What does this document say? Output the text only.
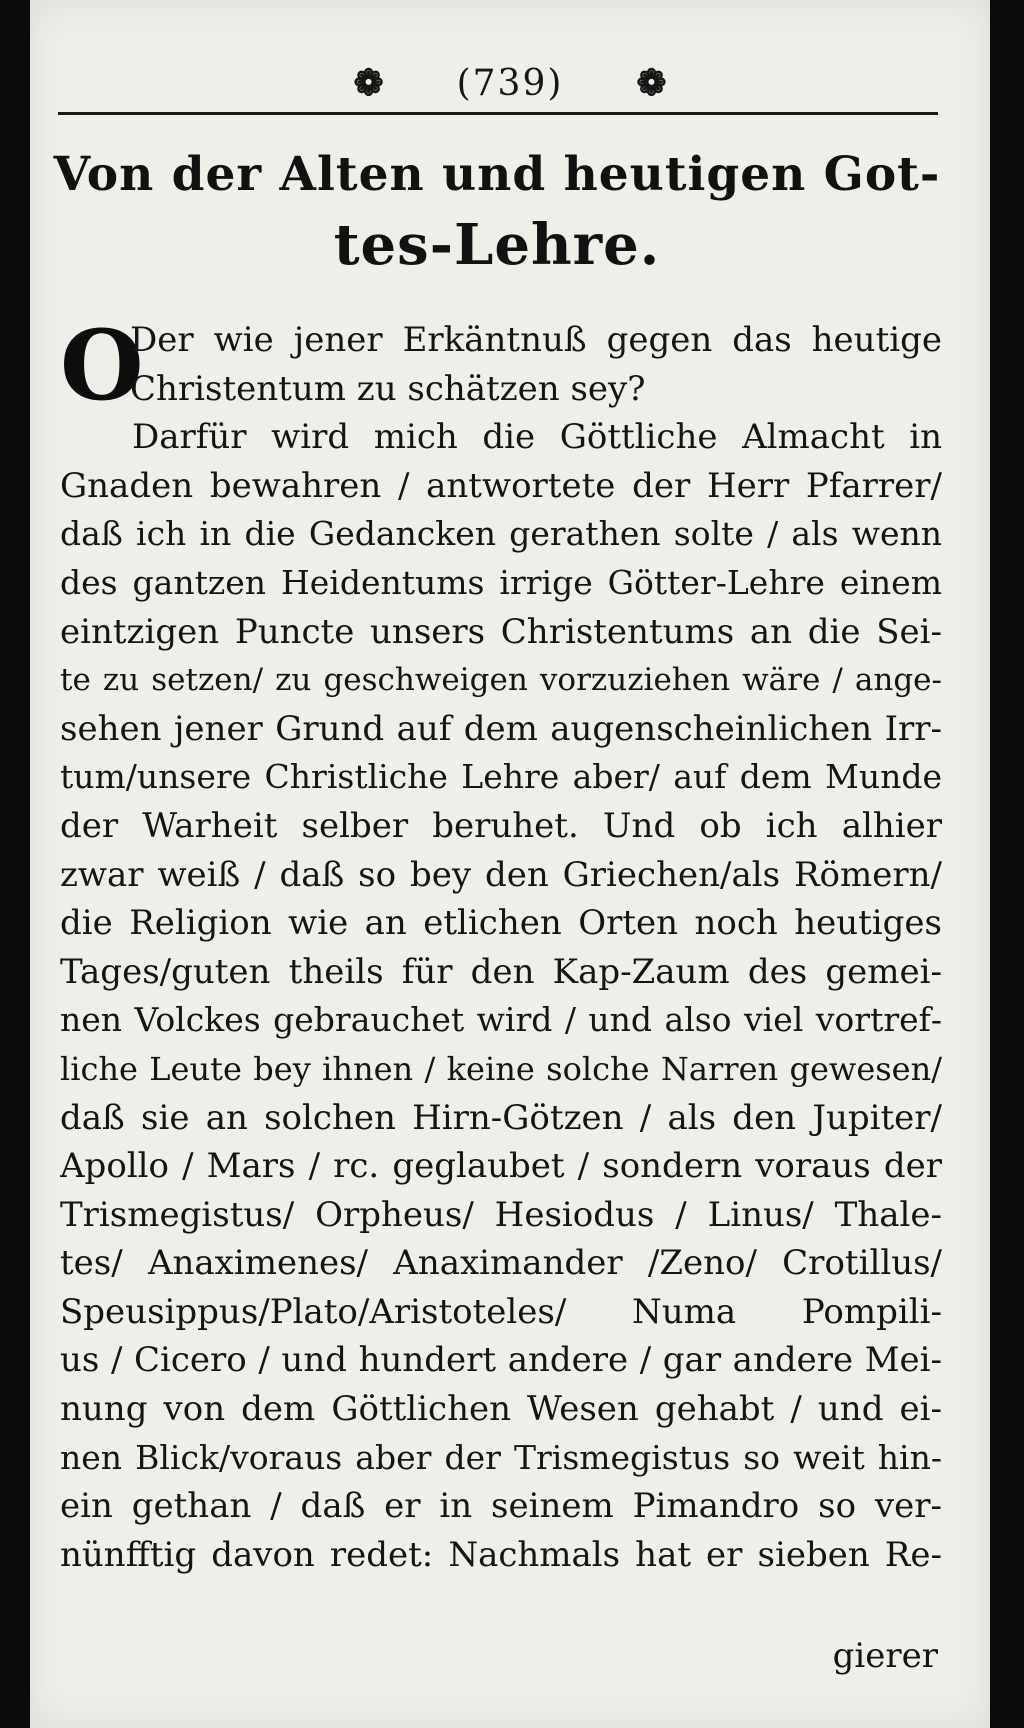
❁ (739) ❁
Von der Alten und heutigen Got‑
tes‑Lehre.
O
Der wie jener Erkäntnuß gegen das heutige
Christentum zu schätzen sey?
Darfür wird mich die Göttliche Almacht in
Gnaden bewahren / antwortete der Herr Pfarrer/
daß ich in die Gedancken gerathen solte / als wenn
des gantzen Heidentums irrige Götter‑Lehre einem
eintzigen Puncte unsers Christentums an die Sei‑
te zu setzen/ zu geschweigen vorzuziehen wäre / ange‑
sehen jener Grund auf dem augenscheinlichen Irr‑
tum/unsere Christliche Lehre aber/ auf dem Munde
der Warheit selber beruhet. Und ob ich alhier
zwar weiß / daß so bey den Griechen/als Römern/
die Religion wie an etlichen Orten noch heutiges
Tages/guten theils für den Kap‑Zaum des gemei‑
nen Volckes gebrauchet wird / und also viel vortref‑
liche Leute bey ihnen / keine solche Narren gewesen/
daß sie an solchen Hirn‑Götzen / als den Jupiter/
Apollo / Mars / rc. geglaubet / sondern voraus der
Trismegistus/ Orpheus/ Hesiodus / Linus/ Thale‑
tes/ Anaximenes/ Anaximander /Zeno/ Crotillus/
Speusippus/Plato/Aristoteles/ Numa Pompili‑
us / Cicero / und hundert andere / gar andere Mei‑
nung von dem Göttlichen Wesen gehabt / und ei‑
nen Blick/voraus aber der Trismegistus so weit hin‑
ein gethan / daß er in seinem Pimandro so ver‑
nünfftig davon redet: Nachmals hat er sieben Re‑
gierer
